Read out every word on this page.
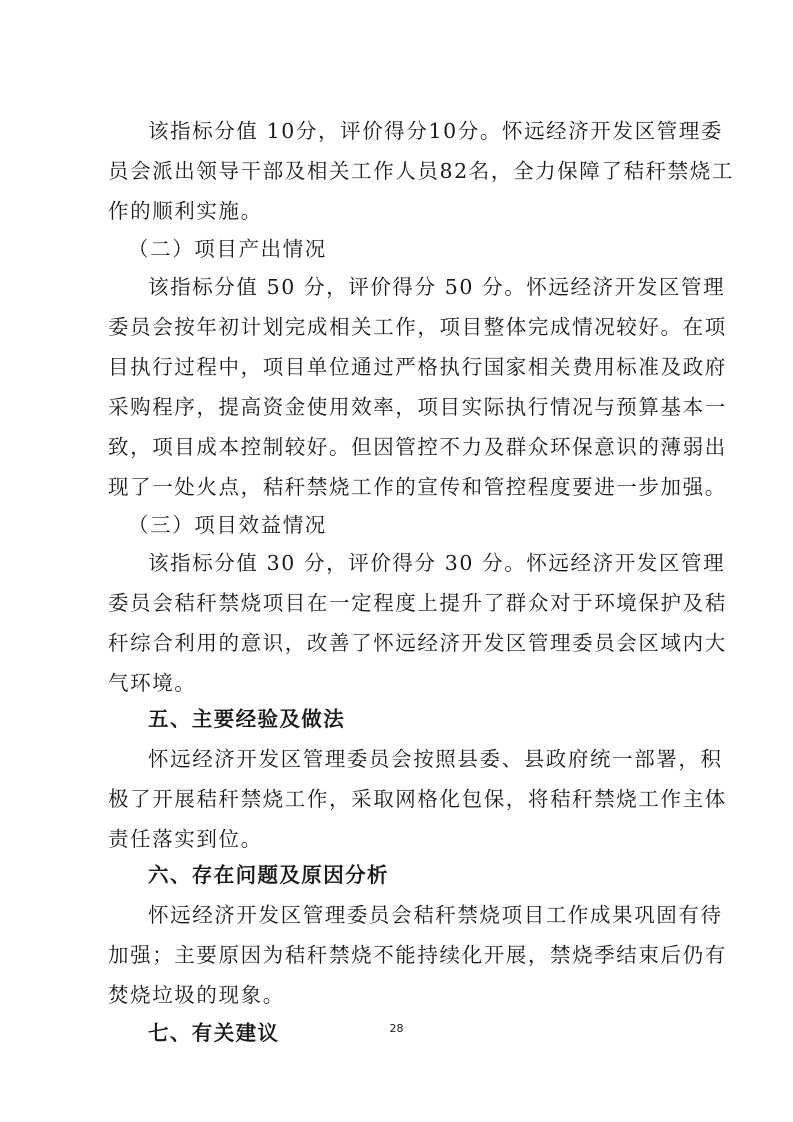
该指标分值 10分，评价得分10分。怀远经济开发区管理委
员会派出领导干部及相关工作人员82名，全力保障了秸秆禁烧工
作的顺利实施。
（二）项目产出情况
该指标分值 50 分，评价得分 50 分。怀远经济开发区管理
委员会按年初计划完成相关工作，项目整体完成情况较好。在项
目执行过程中，项目单位通过严格执行国家相关费用标准及政府
采购程序，提高资金使用效率，项目实际执行情况与预算基本一
致，项目成本控制较好。但因管控不力及群众环保意识的薄弱出
现了一处火点，秸秆禁烧工作的宣传和管控程度要进一步加强。
（三）项目效益情况
该指标分值 30 分，评价得分 30 分。怀远经济开发区管理
委员会秸秆禁烧项目在一定程度上提升了群众对于环境保护及秸
秆综合利用的意识，改善了怀远经济开发区管理委员会区域内大
气环境。
五、主要经验及做法
怀远经济开发区管理委员会按照县委、县政府统一部署，积
极了开展秸秆禁烧工作，采取网格化包保，将秸秆禁烧工作主体
责任落实到位。
六、存在问题及原因分析
怀远经济开发区管理委员会秸秆禁烧项目工作成果巩固有待
加强；主要原因为秸秆禁烧不能持续化开展，禁烧季结束后仍有
焚烧垃圾的现象。
七、有关建议	28
